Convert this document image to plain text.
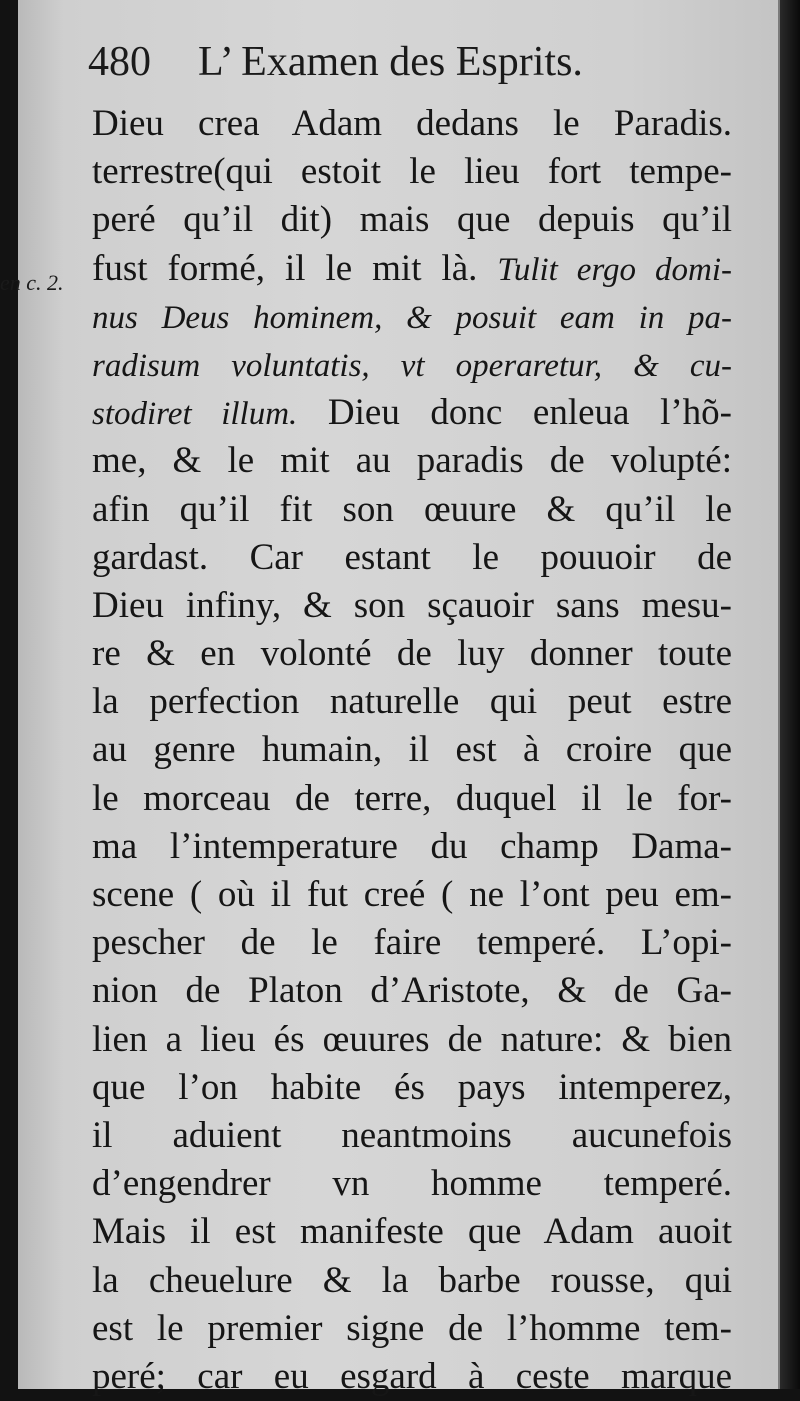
480 L’ Examen des Esprits.
en c. 2.
Dieu crea Adam dedans le Paradis.
terrestre(qui estoit le lieu fort tempe-
peré qu’il dit) mais que depuis qu’il
fust formé, il le mit là. Tulit ergo domi-
nus Deus hominem, & posuit eam in pa-
radisum voluntatis, vt operaretur, & cu-
stodiret illum. Dieu donc enleua l’hõ-
me, & le mit au paradis de volupté:
afin qu’il fit son œuure & qu’il le
gardast. Car estant le pouuoir de
Dieu infiny, & son sçauoir sans mesu-
re & en volonté de luy donner toute
la perfection naturelle qui peut estre
au genre humain, il est à croire que
le morceau de terre, duquel il le for-
ma l’intemperature du champ Dama-
scene ( où il fut creé ( ne l’ont peu em-
pescher de le faire temperé. L’opi-
nion de Platon d’Aristote, & de Ga-
lien a lieu és œuures de nature: & bien
que l’on habite és pays intemperez,
il aduient neantmoins aucunefois
d’engendrer vn homme temperé.
Mais il est manifeste que Adam auoit
la cheuelure & la barbe rousse, qui
est le premier signe de l’homme tem-
peré; car eu esgard à ceste marque
